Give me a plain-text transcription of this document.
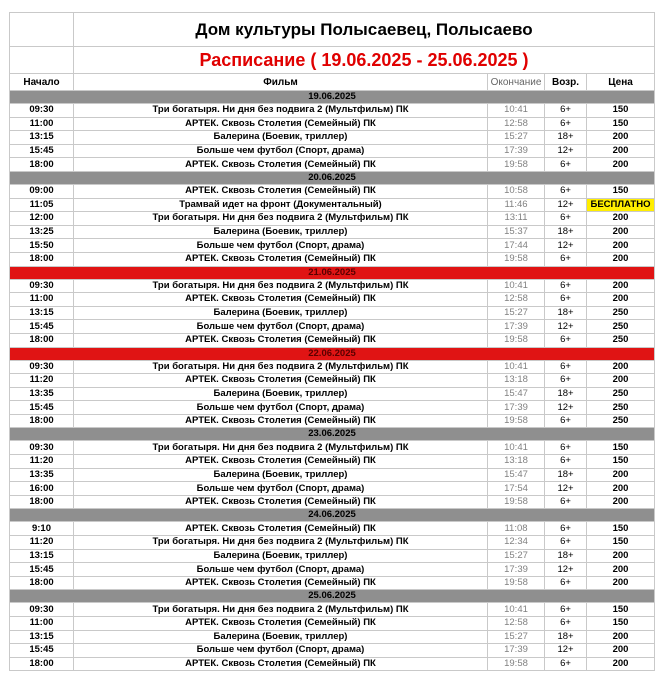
	Дом культуры Полысаевец, Полысаево			
	Расписание ( 19.06.2025 - 25.06.2025 )			
Начало	Фильм	Окончание	Возр.	Цена
19.06.2025				
09:30	Три богатыря. Ни дня без подвига 2 (Мультфильм) ПК	10:41	6+	150
11:00	АРТЕК. Сквозь Столетия (Семейный) ПК	12:58	6+	150
13:15	Балерина (Боевик, триллер)	15:27	18+	200
15:45	Больше чем футбол (Спорт, драма)	17:39	12+	200
18:00	АРТЕК. Сквозь Столетия (Семейный) ПК	19:58	6+	200
20.06.2025				
09:00	АРТЕК. Сквозь Столетия (Семейный) ПК	10:58	6+	150
11:05	Трамвай идет на фронт (Документальный)	11:46	12+	БЕСПЛАТНО
12:00	Три богатыря. Ни дня без подвига 2 (Мультфильм) ПК	13:11	6+	200
13:25	Балерина (Боевик, триллер)	15:37	18+	200
15:50	Больше чем футбол (Спорт, драма)	17:44	12+	200
18:00	АРТЕК. Сквозь Столетия (Семейный) ПК	19:58	6+	200
21.06.2025				
09:30	Три богатыря. Ни дня без подвига 2 (Мультфильм) ПК	10:41	6+	200
11:00	АРТЕК. Сквозь Столетия (Семейный) ПК	12:58	6+	200
13:15	Балерина (Боевик, триллер)	15:27	18+	250
15:45	Больше чем футбол (Спорт, драма)	17:39	12+	250
18:00	АРТЕК. Сквозь Столетия (Семейный) ПК	19:58	6+	250
22.06.2025				
09:30	Три богатыря. Ни дня без подвига 2 (Мультфильм) ПК	10:41	6+	200
11:20	АРТЕК. Сквозь Столетия (Семейный) ПК	13:18	6+	200
13:35	Балерина (Боевик, триллер)	15:47	18+	250
15:45	Больше чем футбол (Спорт, драма)	17:39	12+	250
18:00	АРТЕК. Сквозь Столетия (Семейный) ПК	19:58	6+	250
23.06.2025				
09:30	Три богатыря. Ни дня без подвига 2 (Мультфильм) ПК	10:41	6+	150
11:20	АРТЕК. Сквозь Столетия (Семейный) ПК	13:18	6+	150
13:35	Балерина (Боевик, триллер)	15:47	18+	200
16:00	Больше чем футбол (Спорт, драма)	17:54	12+	200
18:00	АРТЕК. Сквозь Столетия (Семейный) ПК	19:58	6+	200
24.06.2025				
9:10	АРТЕК. Сквозь Столетия (Семейный) ПК	11:08	6+	150
11:20	Три богатыря. Ни дня без подвига 2 (Мультфильм) ПК	12:34	6+	150
13:15	Балерина (Боевик, триллер)	15:27	18+	200
15:45	Больше чем футбол (Спорт, драма)	17:39	12+	200
18:00	АРТЕК. Сквозь Столетия (Семейный) ПК	19:58	6+	200
25.06.2025				
09:30	Три богатыря. Ни дня без подвига 2 (Мультфильм) ПК	10:41	6+	150
11:00	АРТЕК. Сквозь Столетия (Семейный) ПК	12:58	6+	150
13:15	Балерина (Боевик, триллер)	15:27	18+	200
15:45	Больше чем футбол (Спорт, драма)	17:39	12+	200
18:00	АРТЕК. Сквозь Столетия (Семейный) ПК	19:58	6+	200
